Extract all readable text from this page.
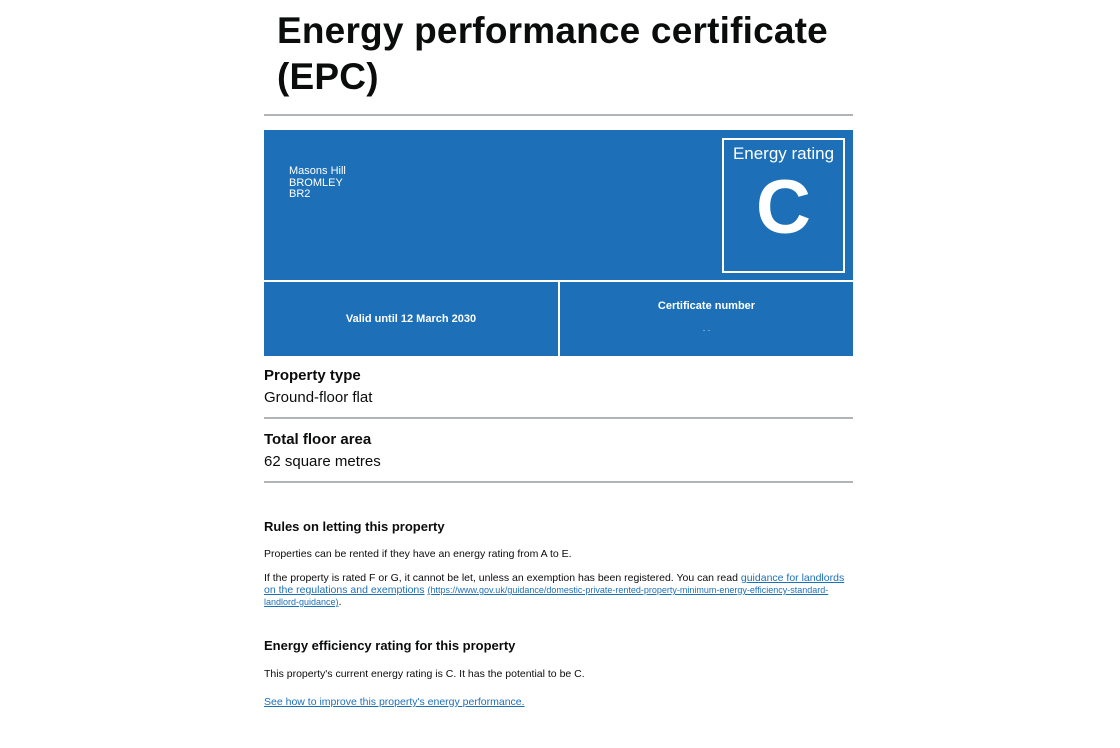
Energy performance certificate (EPC)
Masons Hill
BROMLEY
BR2
Energy rating
C
Valid until 12 March 2030
Certificate number
. .
Property type
Ground-floor flat
Total floor area
62 square metres
Rules on letting this property

Properties can be rented if they have an energy rating from A to E.

If the property is rated F or G, it cannot be let, unless an exemption has been registered. You can read guidance for landlords on the regulations and exemptions (https://www.gov.uk/guidance/domestic-private-rented-property-minimum-energy-efficiency-standard-landlord-guidance).

Energy efficiency rating for this property

This property's current energy rating is C. It has the potential to be C.

See how to improve this property's energy performance.
